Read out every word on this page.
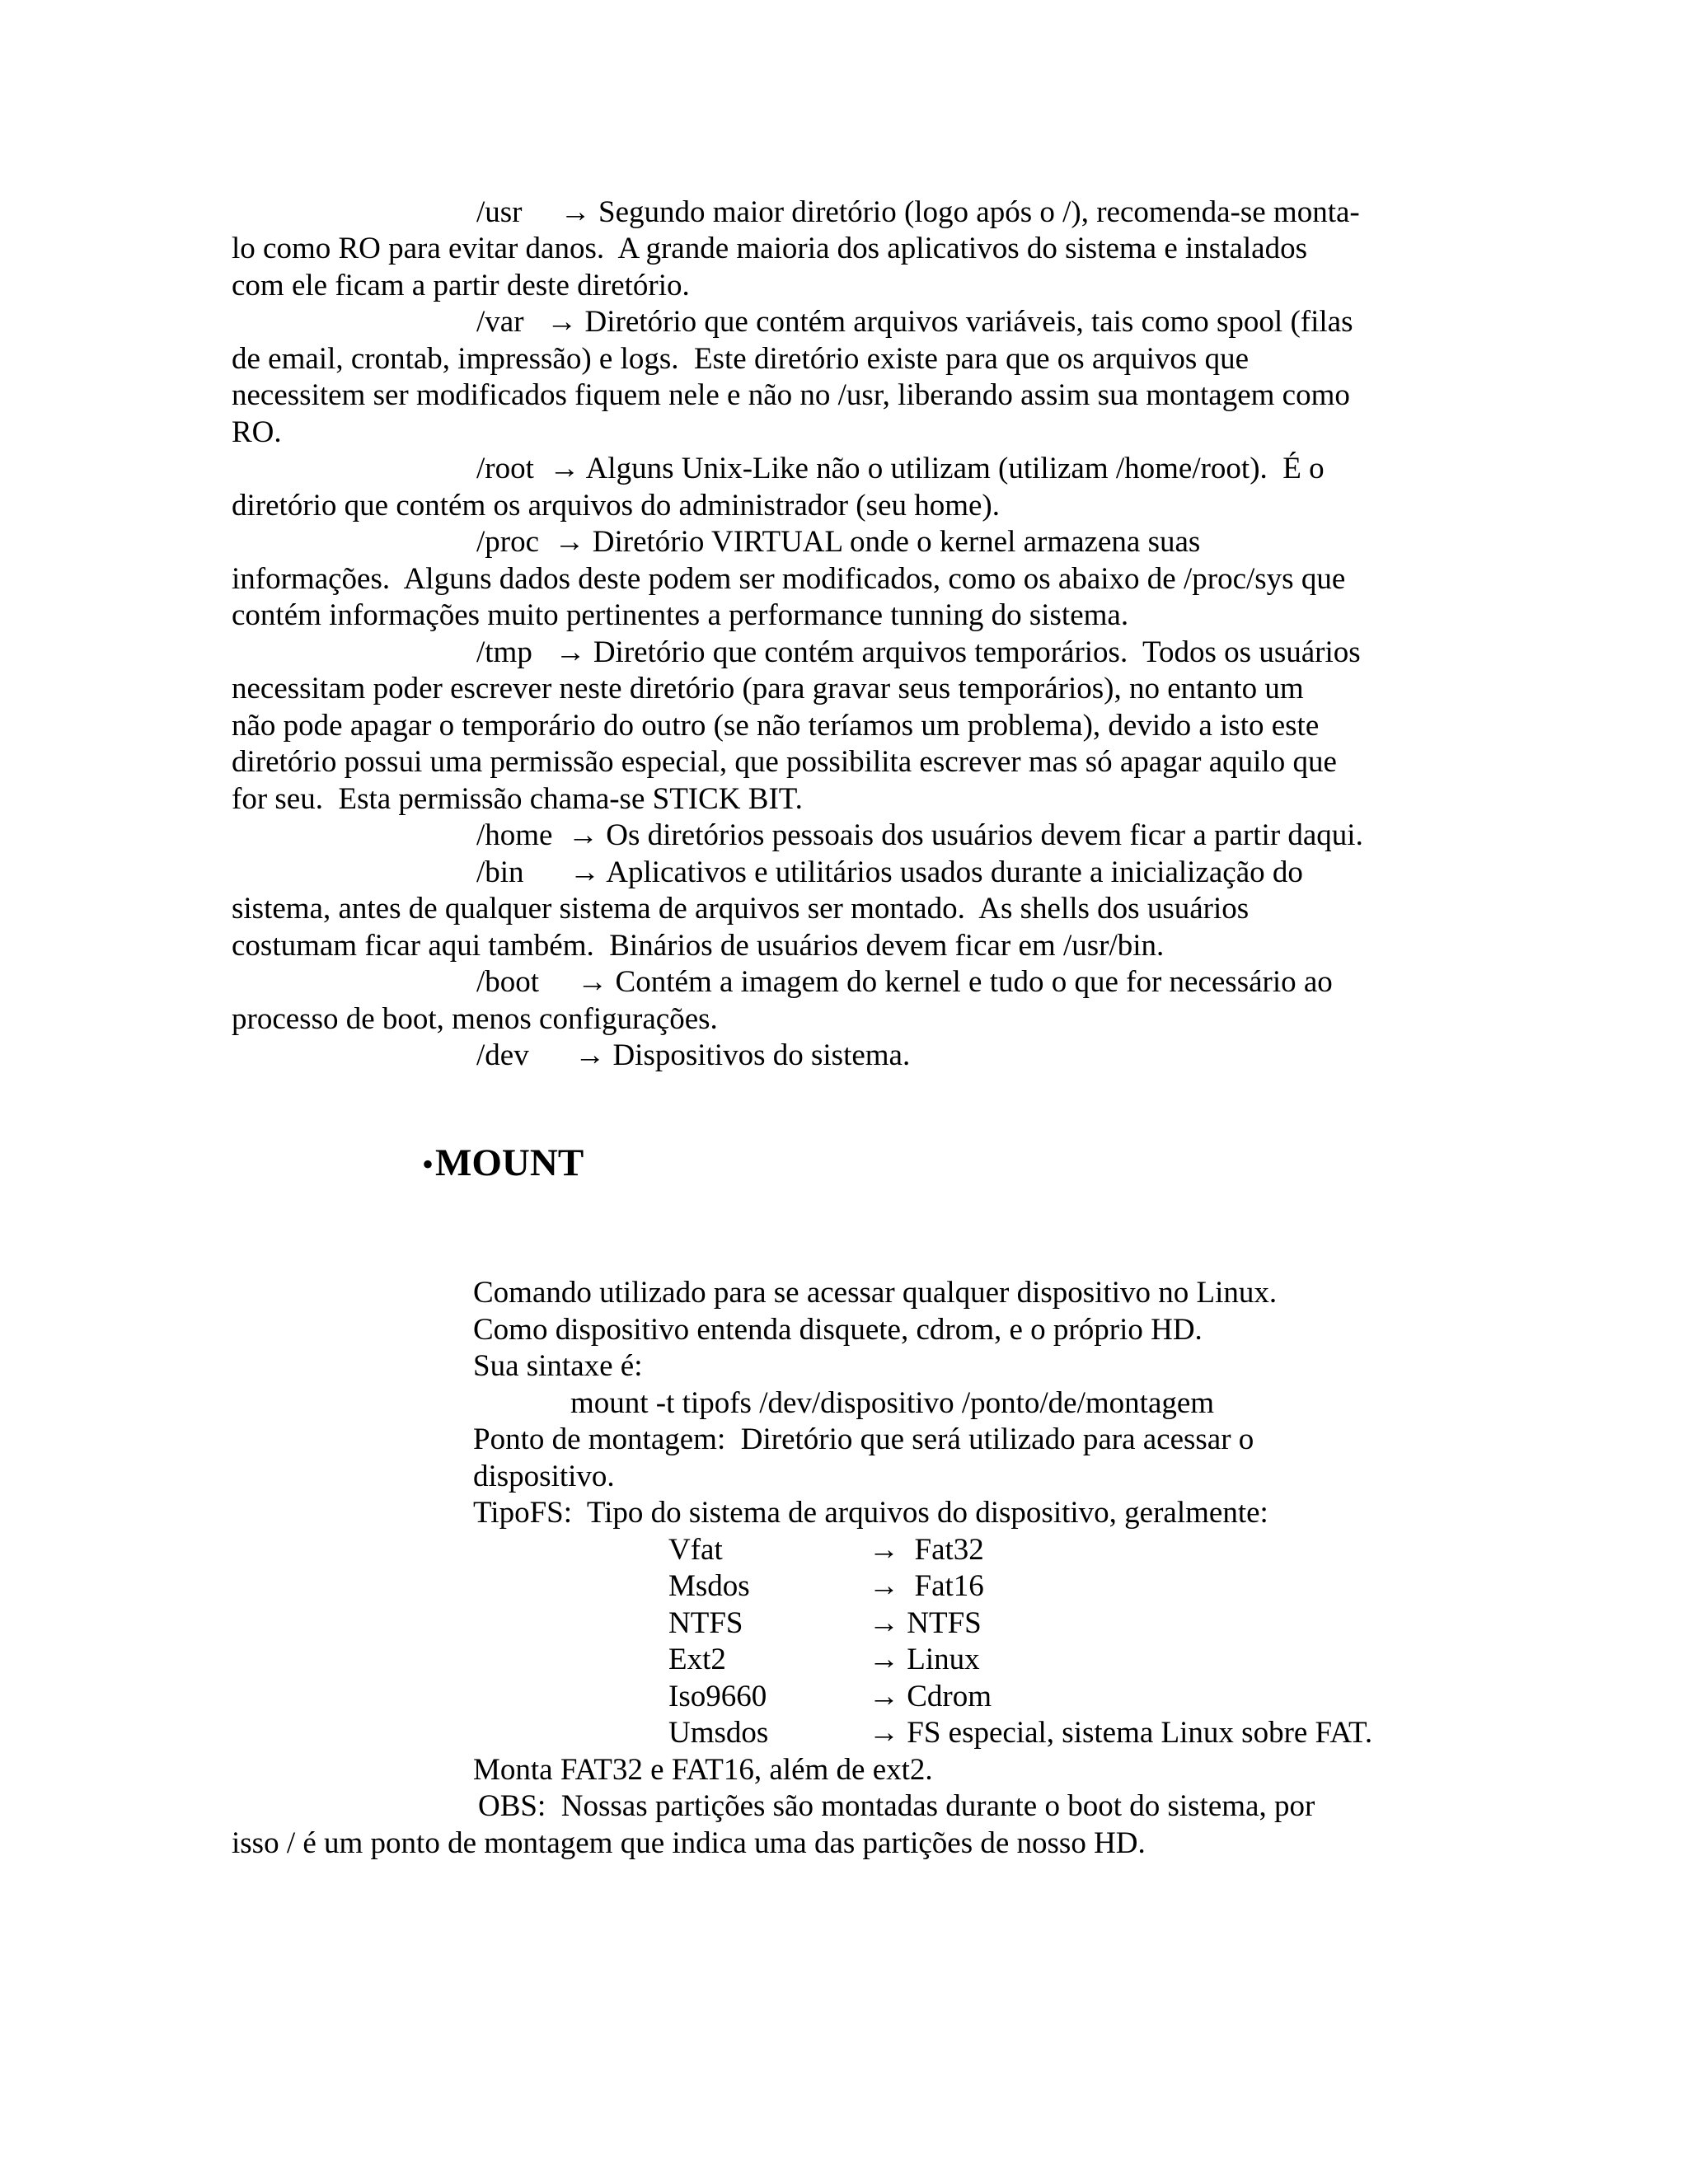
/usr     → Segundo maior diretório (logo após o /), recomenda-se monta-
lo como RO para evitar danos.  A grande maioria dos aplicativos do sistema e instalados
com ele ficam a partir deste diretório.
/var   → Diretório que contém arquivos variáveis, tais como spool (filas
de email, crontab, impressão) e logs.  Este diretório existe para que os arquivos que
necessitem ser modificados fiquem nele e não no /usr, liberando assim sua montagem como
RO.
/root  → Alguns Unix-Like não o utilizam (utilizam /home/root).  É o
diretório que contém os arquivos do administrador (seu home).
/proc  → Diretório VIRTUAL onde o kernel armazena suas
informações.  Alguns dados deste podem ser modificados, como os abaixo de /proc/sys que
contém informações muito pertinentes a performance tunning do sistema.
/tmp   → Diretório que contém arquivos temporários.  Todos os usuários
necessitam poder escrever neste diretório (para gravar seus temporários), no entanto um
não pode apagar o temporário do outro (se não teríamos um problema), devido a isto este
diretório possui uma permissão especial, que possibilita escrever mas só apagar aquilo que
for seu.  Esta permissão chama-se STICK BIT.
/home  → Os diretórios pessoais dos usuários devem ficar a partir daqui.
/bin      → Aplicativos e utilitários usados durante a inicialização do
sistema, antes de qualquer sistema de arquivos ser montado.  As shells dos usuários
costumam ficar aqui também.  Binários de usuários devem ficar em /usr/bin.
/boot     → Contém a imagem do kernel e tudo o que for necessário ao
processo de boot, menos configurações.
/dev      → Dispositivos do sistema.
•MOUNT
Comando utilizado para se acessar qualquer dispositivo no Linux.
Como dispositivo entenda disquete, cdrom, e o próprio HD.
Sua sintaxe é:
mount -t tipofs /dev/dispositivo /ponto/de/montagem
Ponto de montagem:  Diretório que será utilizado para acessar o
dispositivo.
TipoFS:  Tipo do sistema de arquivos do dispositivo, geralmente:
Vfat	→  Fat32
Msdos	→  Fat16
NTFS	→ NTFS
Ext2	→ Linux
Iso9660	→ Cdrom
Umsdos	→ FS especial, sistema Linux sobre FAT.
Monta FAT32 e FAT16, além de ext2.
OBS:  Nossas partições são montadas durante o boot do sistema, por
isso / é um ponto de montagem que indica uma das partições de nosso HD.
